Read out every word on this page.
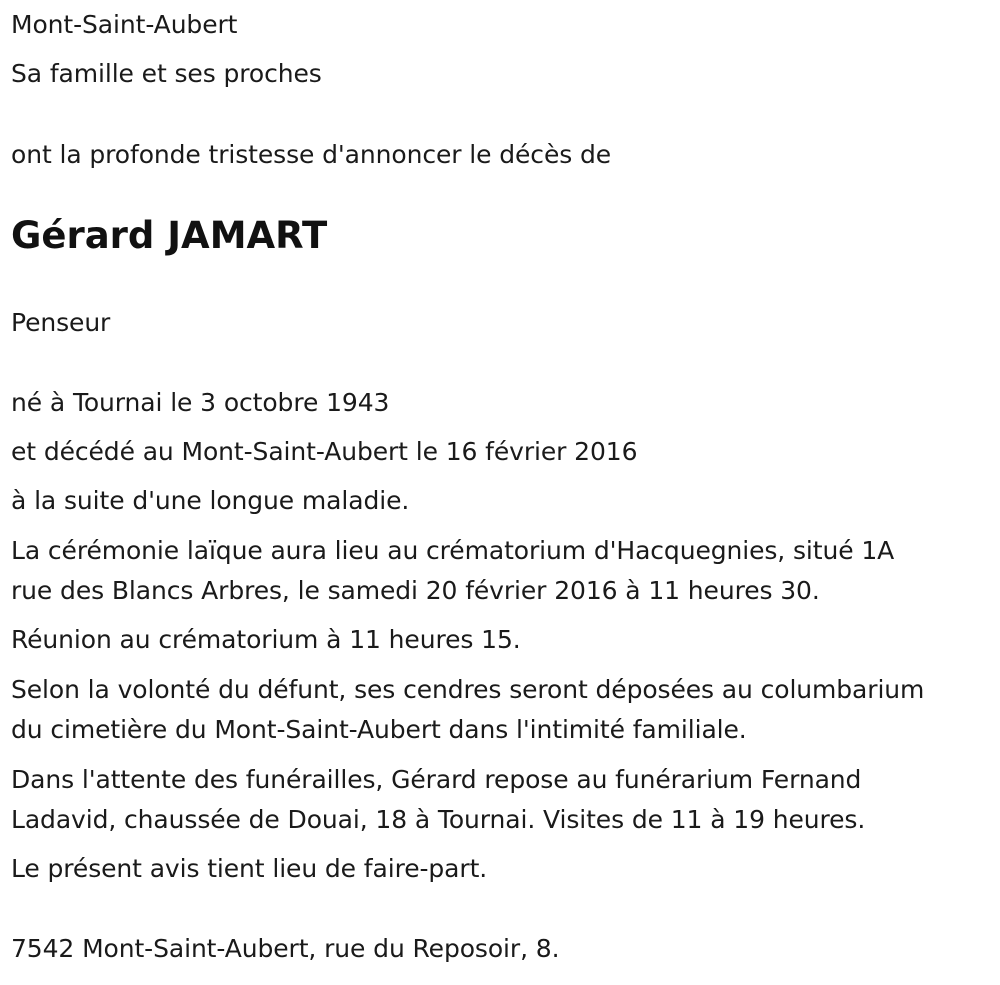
Mont-Saint-Aubert

Sa famille et ses proches

ont la profonde tristesse d'annoncer le décès de

Gérard JAMART

Penseur

né à Tournai le 3 octobre 1943

et décédé au Mont-Saint-Aubert le 16 février 2016

à la suite d'une longue maladie.

La cérémonie laïque aura lieu au crématorium d'Hacquegnies, situé 1A

rue des Blancs Arbres, le samedi 20 février 2016 à 11 heures 30.

Réunion au crématorium à 11 heures 15.

Selon la volonté du défunt, ses cendres seront déposées au columbarium

du cimetière du Mont-Saint-Aubert dans l'intimité familiale.

Dans l'attente des funérailles, Gérard repose au funérarium Fernand

Ladavid, chaussée de Douai, 18 à Tournai. Visites de 11 à 19 heures.

Le présent avis tient lieu de faire-part.

7542 Mont-Saint-Aubert, rue du Reposoir, 8.
